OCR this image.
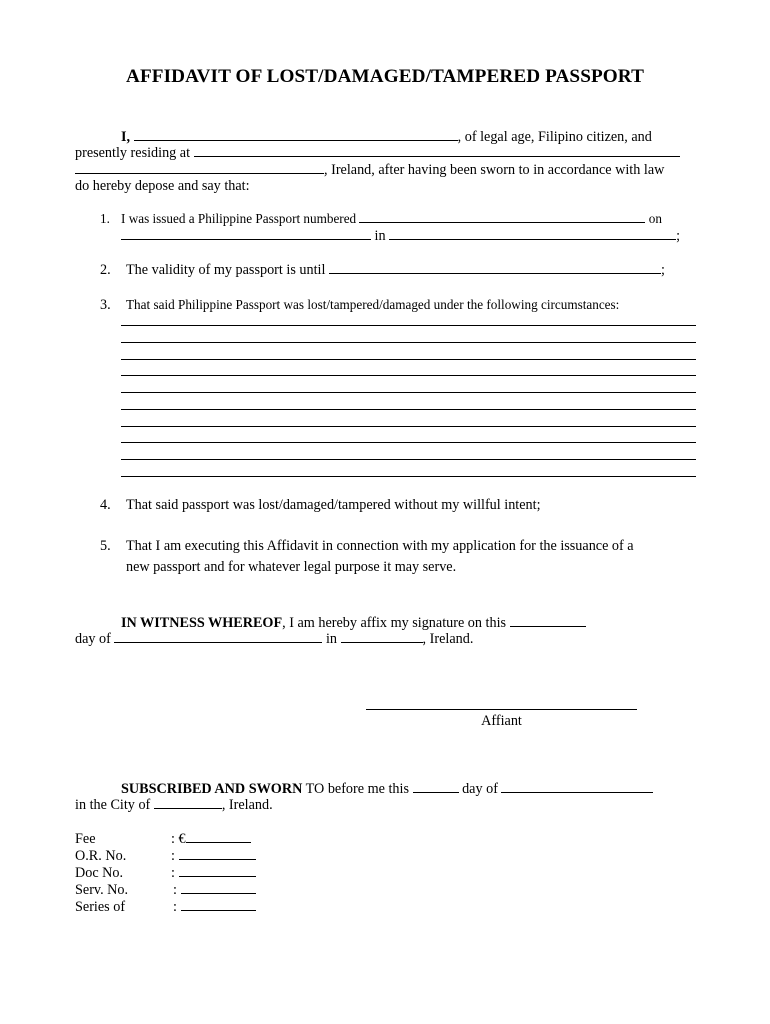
AFFIDAVIT OF LOST/DAMAGED/TAMPERED PASSPORT
I,	, of legal age, Filipino citizen, and
presently residing at
, Ireland, after having been sworn to in accordance with law
do hereby depose and say that:
1. I was issued a Philippine Passport numbered	on
in	;
2. The validity of my passport is until	;
3. That said Philippine Passport was lost/tampered/damaged under the following circumstances:
4. That said passport was lost/damaged/tampered without my willful intent;
5. That I am executing this Affidavit in connection with my application for the issuance of a
new passport and for whatever legal purpose it may serve.
IN WITNESS WHEREOF, I am hereby affix my signature on this
day of	in	, Ireland.
Affiant
SUBSCRIBED AND SWORN TO before me this	day of
in the City of	, Ireland.
Fee	: €
O.R. No.	:
Doc No.	:
Serv. No.	:
Series of	:
